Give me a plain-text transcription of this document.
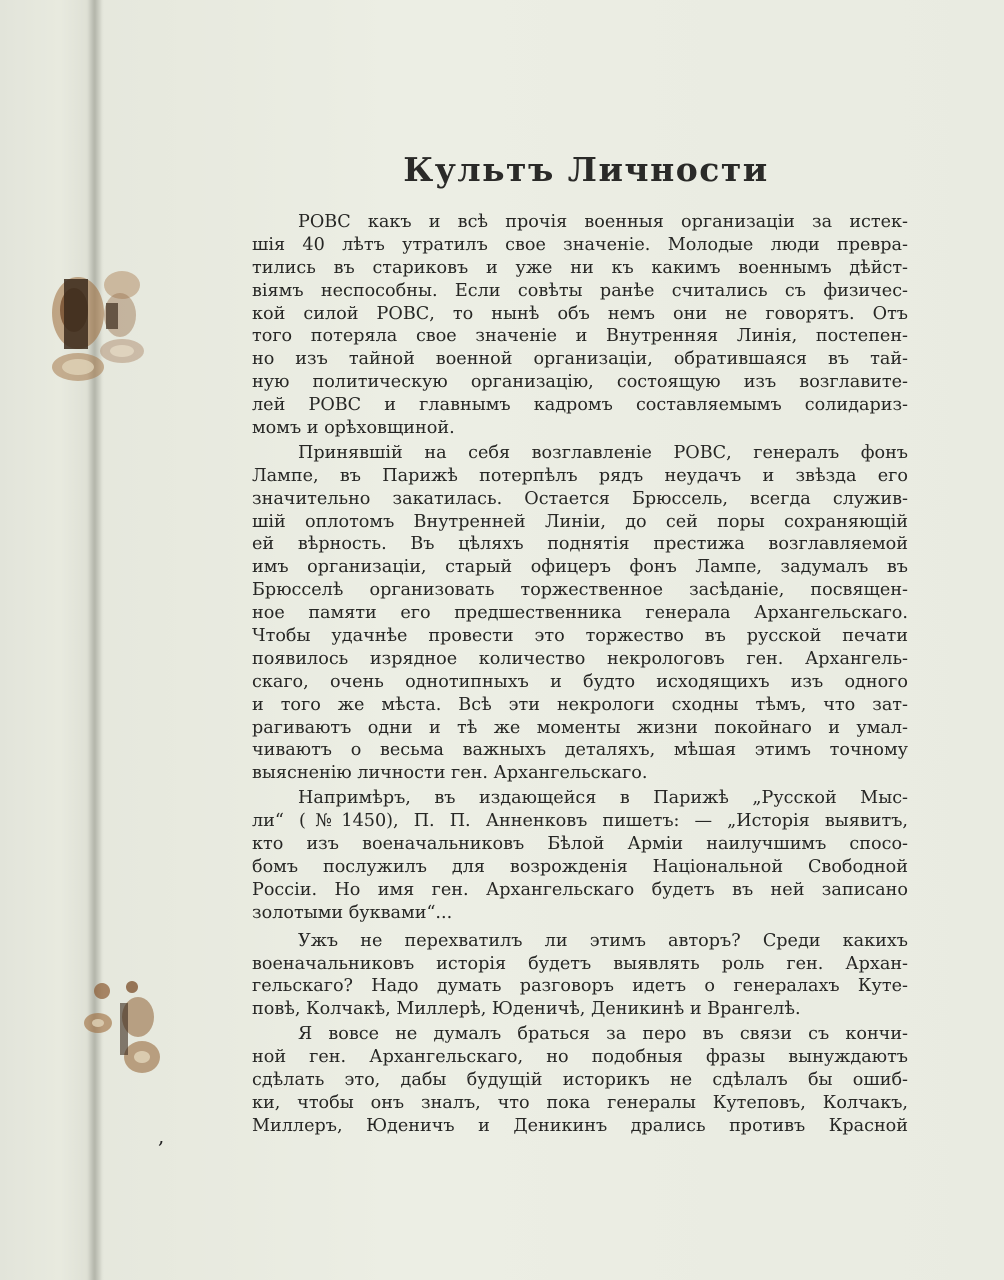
Культъ Личности
РОВС какъ и всѣ прочія военныя организаціи за истек-
шія 40 лѣтъ утратилъ свое значеніе. Молодые люди превра-
тились въ стариковъ и уже ни къ какимъ военнымъ дѣйст-
віямъ неспособны. Если совѣты ранѣе считались съ физичес-
кой силой РОВС, то нынѣ объ немъ они не говорятъ. Отъ
того потеряла свое значеніе и Внутренняя Линія, постепен-
но изъ тайной военной организаціи, обратившаяся въ тай-
ную политическую организацію, состоящую изъ возглавите-
лей РОВС и главнымъ кадромъ составляемымъ солидариз-
момъ и орѣховщиной.
Принявшій на себя возглавленіе РОВС, генералъ фонъ
Лампе, въ Парижѣ потерпѣлъ рядъ неудачъ и звѣзда его
значительно закатилась. Остается Брюссель, всегда служив-
шій оплотомъ Внутренней Линіи, до сей поры сохраняющій
ей вѣрность. Въ цѣляхъ поднятія престижа возглавляемой
имъ организаціи, старый офицеръ фонъ Лампе, задумалъ въ
Брюсселѣ организовать торжественное засѣданіе, посвящен-
ное памяти его предшественника генерала Архангельскаго.
Чтобы удачнѣе провести это торжество въ русской печати
появилось изрядное количество некрологовъ ген. Архангель-
скаго, очень однотипныхъ и будто исходящихъ изъ одного
и того же мѣста. Всѣ эти некрологи сходны тѣмъ, что зат-
рагиваютъ одни и тѣ же моменты жизни покойнаго и умал-
чиваютъ о весьма важныхъ деталяхъ, мѣшая этимъ точному
выясненію личности ген. Архангельскаго.
Напримѣръ, въ издающейся в Парижѣ „Русской Мыс-
ли“ (№1450), П. П. Анненковъ пишетъ: — „Исторія выявитъ,
кто изъ военачальниковъ Бѣлой Арміи наилучшимъ спосо-
бомъ послужилъ для возрожденія Національной Свободной
Россіи. Но имя ген. Архангельскаго будетъ въ ней записано
золотыми буквами“...
Ужъ не перехватилъ ли этимъ авторъ? Среди какихъ
военачальниковъ исторія будетъ выявлять роль ген. Архан-
гельскаго? Надо думать разговоръ идетъ о генералахъ Куте-
повѣ, Колчакѣ, Миллерѣ, Юденичѣ, Деникинѣ и Врангелѣ.
Я вовсе не думалъ браться за перо въ связи съ кончи-
ной ген. Архангельскаго, но подобныя фразы вынуждаютъ
сдѣлать это, дабы будущій историкъ не сдѣлалъ бы ошиб-
ки, чтобы онъ зналъ, что пока генералы Кутеповъ, Колчакъ,
Миллеръ, Юденичъ и Деникинъ дрались противъ Красной
,
